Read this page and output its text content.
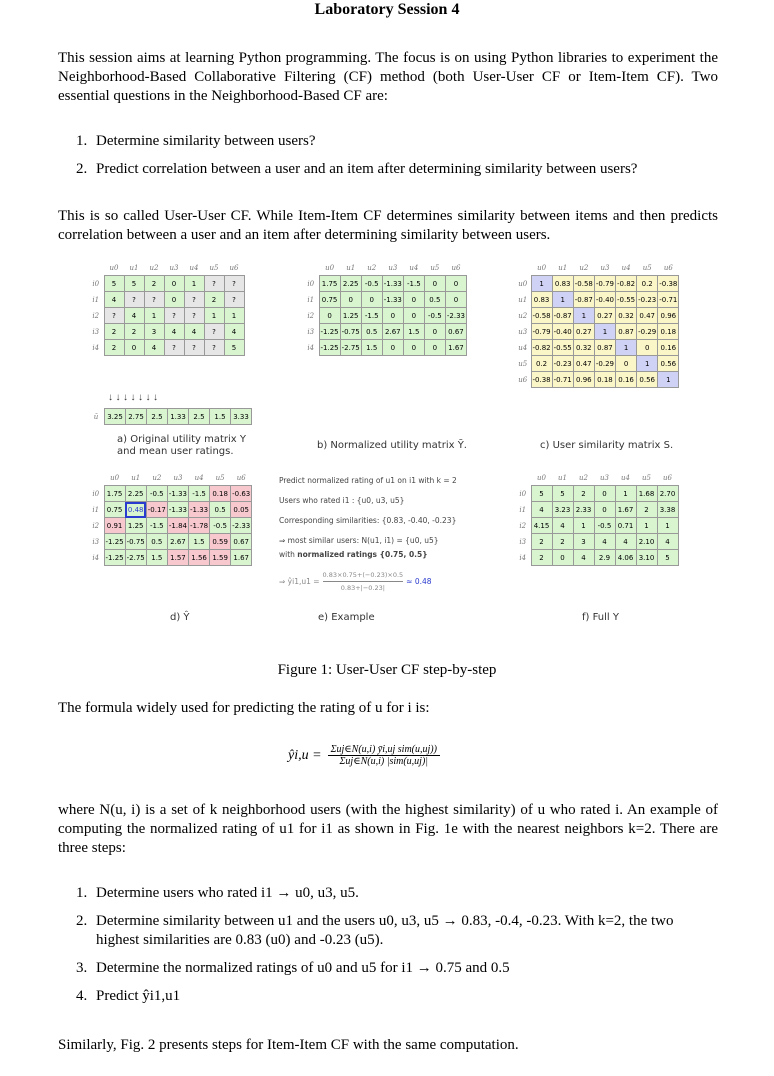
Laboratory Session 4
This session aims at learning Python programming. The focus is on using Python libraries to experiment the Neighborhood-Based Collaborative Filtering (CF) method (both User-User CF or Item-Item CF). Two essential questions in the Neighborhood-Based CF are:
1. Determine similarity between users?
2. Predict correlation between a user and an item after determining similarity between users?
This is so called User-User CF. While Item-Item CF determines similarity between items and then predicts correlation between a user and an item after determining similarity between users.
	u0	u1	u2	u3	u4	u5	u6
i0	5	5	2	0	1	?	?
i1	4	?	?	0	?	2	?
i2	?	4	1	?	?	1	1
i3	2	2	3	4	4	?	4
i4	2	0	4	?	?	?	5
↓ ↓ ↓ ↓ ↓ ↓ ↓
ū	3.25	2.75	2.5	1.33	2.5	1.5	3.33
a) Original utility matrix Y
and mean user ratings.
	u0	u1	u2	u3	u4	u5	u6
i0	1.75	2.25	-0.5	-1.33	-1.5	0	0
i1	0.75	0	0	-1.33	0	0.5	0
i2	0	1.25	-1.5	0	0	-0.5	-2.33
i3	-1.25	-0.75	0.5	2.67	1.5	0	0.67
i4	-1.25	-2.75	1.5	0	0	0	1.67
b) Normalized utility matrix Ȳ.
	u0	u1	u2	u3	u4	u5	u6
u0	1	0.83	-0.58	-0.79	-0.82	0.2	-0.38
u1	0.83	1	-0.87	-0.40	-0.55	-0.23	-0.71
u2	-0.58	-0.87	1	0.27	0.32	0.47	0.96
u3	-0.79	-0.40	0.27	1	0.87	-0.29	0.18
u4	-0.82	-0.55	0.32	0.87	1	0	0.16
u5	0.2	-0.23	0.47	-0.29	0	1	0.56
u6	-0.38	-0.71	0.96	0.18	0.16	0.56	1
c) User similarity matrix S.
	u0	u1	u2	u3	u4	u5	u6
i0	1.75	2.25	-0.5	-1.33	-1.5	0.18	-0.63
i1	0.75	0.48	-0.17	-1.33	-1.33	0.5	0.05
i2	0.91	1.25	-1.5	-1.84	-1.78	-0.5	-2.33
i3	-1.25	-0.75	0.5	2.67	1.5	0.59	0.67
i4	-1.25	-2.75	1.5	1.57	1.56	1.59	1.67
d) Ŷ
Predict normalized rating of u1 on i1 with k = 2
Users who rated i1 : {u0, u3, u5}
Corresponding similarities: {0.83, -0.40, -0.23}
⇒ most similar users: N(u1, i1) = {u0, u5}
with normalized ratings {0.75, 0.5}
⇒ ŷi1,u1 = $\frac{0.83\times 0.75+(-0.23)\times 0.5}{0.83+|-0.23|} \approx 0.48$
e) Example
	u0	u1	u2	u3	u4	u5	u6
i0	5	5	2	0	1	1.68	2.70
i1	4	3.23	2.33	0	1.67	2	3.38
i2	4.15	4	1	-0.5	0.71	1	1
i3	2	2	3	4	4	2.10	4
i4	2	0	4	2.9	4.06	3.10	5
f) Full Y
Figure 1: User-User CF step-by-step
The formula widely used for predicting the rating of u for i is:
ŷi,u = Σuj∈N(u,i) ȳi,uj sim(u,uj))
Σuj∈N(u,i) |sim(u,uj)|
where N(u, i) is a set of k neighborhood users (with the highest similarity) of u who rated i. An example of computing the normalized rating of u1 for i1 as shown in Fig. 1e with the nearest neighbors k=2. There are three steps:
1. Determine users who rated i1 → u0, u3, u5.
2. Determine similarity between u1 and the users u0, u3, u5 → 0.83, -0.4, -0.23. With k=2, the two highest similarities are 0.83 (u0) and -0.23 (u5).
3. Determine the normalized ratings of u0 and u5 for i1 → 0.75 and 0.5
4. Predict ŷi1,u1
Similarly, Fig. 2 presents steps for Item-Item CF with the same computation.
